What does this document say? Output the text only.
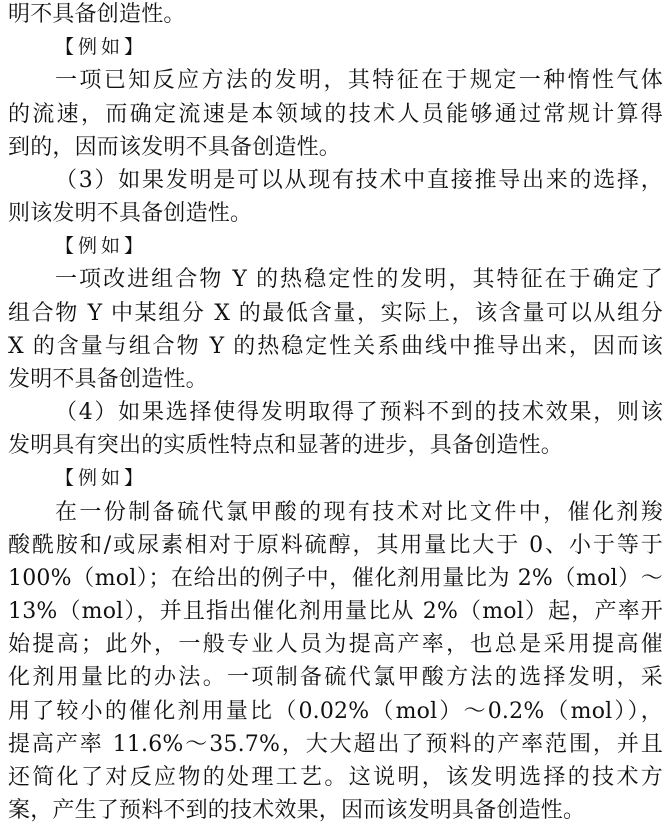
明不具备创造性。
【例如】
一项已知反应方法的发明，其特征在于规定一种惰性气体
的流速，而确定流速是本领域的技术人员能够通过常规计算得
到的，因而该发明不具备创造性。
（3）如果发明是可以从现有技术中直接推导出来的选择，
则该发明不具备创造性。
【例如】
一项改进组合物 Y 的热稳定性的发明，其特征在于确定了
组合物 Y 中某组分 X 的最低含量，实际上，该含量可以从组分
X 的含量与组合物 Y 的热稳定性关系曲线中推导出来，因而该
发明不具备创造性。
（4）如果选择使得发明取得了预料不到的技术效果，则该
发明具有突出的实质性特点和显著的进步，具备创造性。
【例如】
在一份制备硫代氯甲酸的现有技术对比文件中，催化剂羧
酸酰胺和/或尿素相对于原料硫醇，其用量比大于 0、小于等于
100%（mol）；在给出的例子中，催化剂用量比为 2%（mol）～
13%（mol），并且指出催化剂用量比从 2%（mol）起，产率开
始提高；此外，一般专业人员为提高产率，也总是采用提高催
化剂用量比的办法。一项制备硫代氯甲酸方法的选择发明，采
用了较小的催化剂用量比（0.02%（mol）～0.2%（mol）），
提高产率 11.6%～35.7%，大大超出了预料的产率范围，并且
还简化了对反应物的处理工艺。这说明，该发明选择的技术方
案，产生了预料不到的技术效果，因而该发明具备创造性。
